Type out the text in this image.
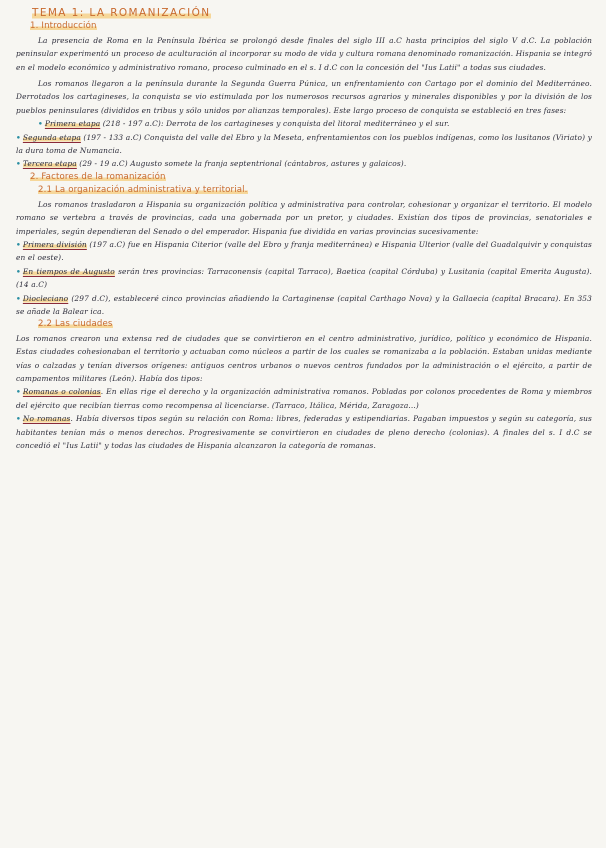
TEMA 1: LA ROMANIZACIÓN
1. Introducción

La presencia de Roma en la Península Ibérica se prolongó desde finales del siglo III a.C hasta principios del siglo V d.C. La población peninsular experimentó un proceso de aculturación al incorporar su modo de vida y cultura romana denominado romanización. Hispania se integró en el modelo económico y administrativo romano, proceso culminado en el s. I d.C con la concesión del "Ius Latii" a todas sus ciudades.

Los romanos llegaron a la península durante la Segunda Guerra Púnica, un enfrentamiento con Cartago por el dominio del Mediterráneo. Derrotados los cartagineses, la conquista se vio estimulada por los numerosos recursos agrarios y minerales disponibles y por la división de los pueblos peninsulares (divididos en tribus y sólo unidos por alianzas temporales). Este largo proceso de conquista se estableció en tres fases:

• Primera etapa (218 - 197 a.C): Derrota de los cartagineses y conquista del litoral mediterráneo y el sur.

• Segunda etapa (197 - 133 a.C) Conquista del valle del Ebro y la Meseta, enfrentamientos con los pueblos indígenas, como los lusitanos (Viriato) y la dura toma de Numancia.

• Tercera etapa (29 - 19 a.C) Augusto somete la franja septentrional (cántabros, astures y galaicos).

2. Factores de la romanización
2.1 La organización administrativa y territorial.

Los romanos trasladaron a Hispania su organización política y administrativa para controlar, cohesionar y organizar el territorio. El modelo romano se vertebra a través de provincias, cada una gobernada por un pretor, y ciudades. Existían dos tipos de provincias, senatoriales e imperiales, según dependieran del Senado o del emperador. Hispania fue dividida en varias provincias sucesivamente:

• Primera división (197 a.C) fue en Hispania Citerior (valle del Ebro y franja mediterránea) e Hispania Ulterior (valle del Guadalquivir y conquistas en el oeste).

• En tiempos de Augusto serán tres provincias: Tarraconensis (capital Tarraco), Baetica (capital Córduba) y Lusitania (capital Emerita Augusta). (14 a.C)

• Diocleciano (297 d.C), estableceré cinco provincias añadiendo la Cartaginense (capital Carthago Nova) y la Gallaecia (capital Bracara). En 353 se añade la Balear ica.

2.2 Las ciudades

Los romanos crearon una extensa red de ciudades que se convirtieron en el centro administrativo, jurídico, político y económico de Hispania. Estas ciudades cohesionaban el territorio y actuaban como núcleos a partir de los cuales se romanizaba a la población. Estaban unidas mediante vías o calzadas y tenían diversos orígenes: antiguos centros urbanos o nuevos centros fundados por la administración o el ejército, a partir de campamentos militares (León). Había dos tipos:

• Romanas o colonias. En ellas rige el derecho y la organización administrativa romanos. Pobladas por colonos procedentes de Roma y miembros del ejército que recibían tierras como recompensa al licenciarse. (Tarraco, Itálica, Mérida, Zaragoza...)

• No romanas. Había diversos tipos según su relación con Roma: libres, federadas y estipendiarias. Pagaban impuestos y según su categoría, sus habitantes tenían más o menos derechos. Progresivamente se convirtieron en ciudades de pleno derecho (colonias). A finales del s. I d.C se concedió el "Ius Latii" y todas las ciudades de Hispania alcanzaron la categoría de romanas.
